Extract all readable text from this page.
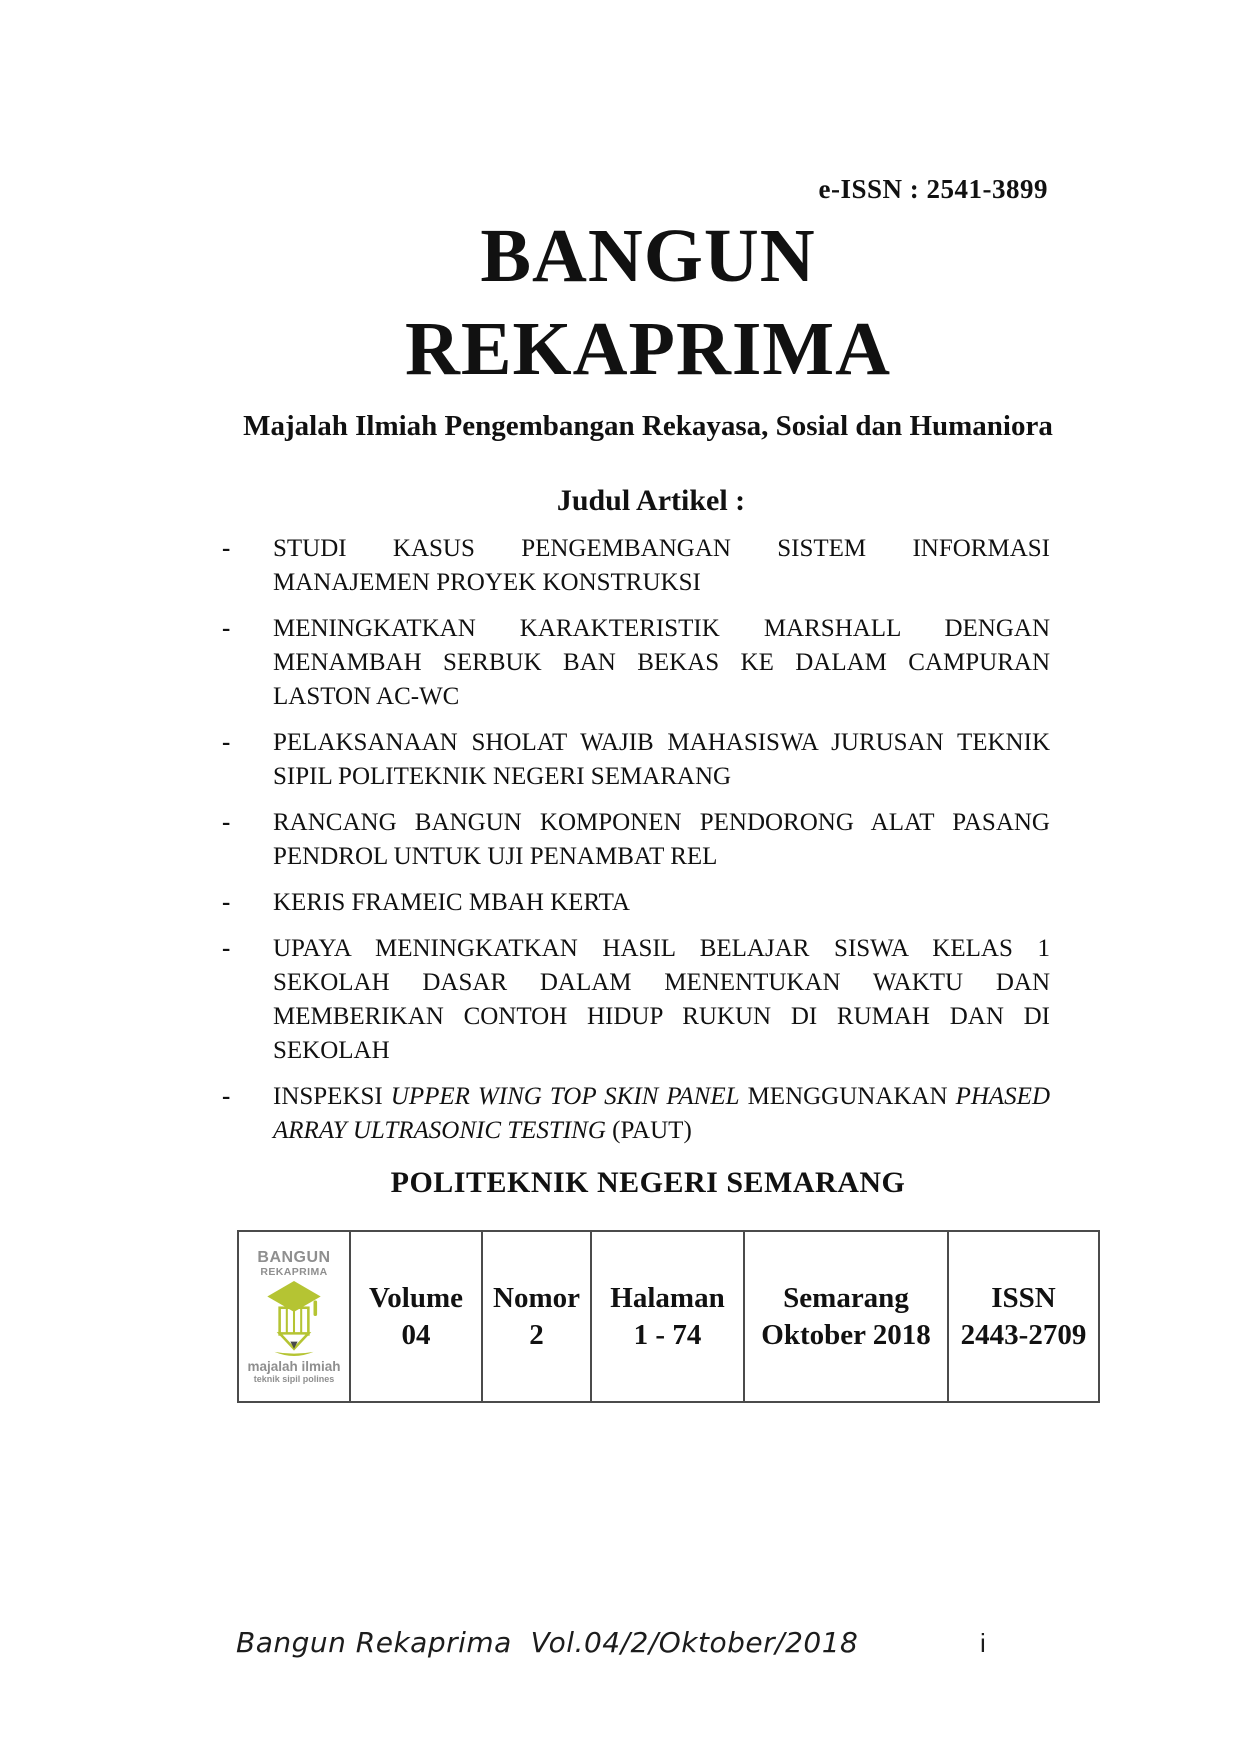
e-ISSN : 2541-3899
BANGUN
REKAPRIMA
Majalah Ilmiah Pengembangan Rekayasa, Sosial dan Humaniora
Judul Artikel :
- STUDI KASUS PENGEMBANGAN SISTEM INFORMASI MANAJEMEN PROYEK KONSTRUKSI
- MENINGKATKAN KARAKTERISTIK MARSHALL DENGAN MENAMBAH SERBUK BAN BEKAS KE DALAM CAMPURAN LASTON AC-WC
- PELAKSANAAN SHOLAT WAJIB MAHASISWA JURUSAN TEKNIK SIPIL POLITEKNIK NEGERI SEMARANG
- RANCANG BANGUN KOMPONEN PENDORONG ALAT PASANG PENDROL UNTUK UJI PENAMBAT REL
- KERIS FRAMEIC MBAH KERTA
- UPAYA MENINGKATKAN HASIL BELAJAR SISWA KELAS 1 SEKOLAH DASAR DALAM MENENTUKAN WAKTU DAN MEMBERIKAN CONTOH HIDUP RUKUN DI RUMAH DAN DI SEKOLAH
- INSPEKSI UPPER WING TOP SKIN PANEL MENGGUNAKAN PHASED ARRAY ULTRASONIC TESTING (PAUT)
POLITEKNIK NEGERI SEMARANG
BANGUN
REKAPRIMA
majalah ilmiah
teknik sipil polines

Volume
04

Nomor
2

Halaman
1 - 74

Semarang
Oktober 2018

ISSN
2443-2709
Bangun Rekaprima  Vol.04/2/Oktober/2018	i
